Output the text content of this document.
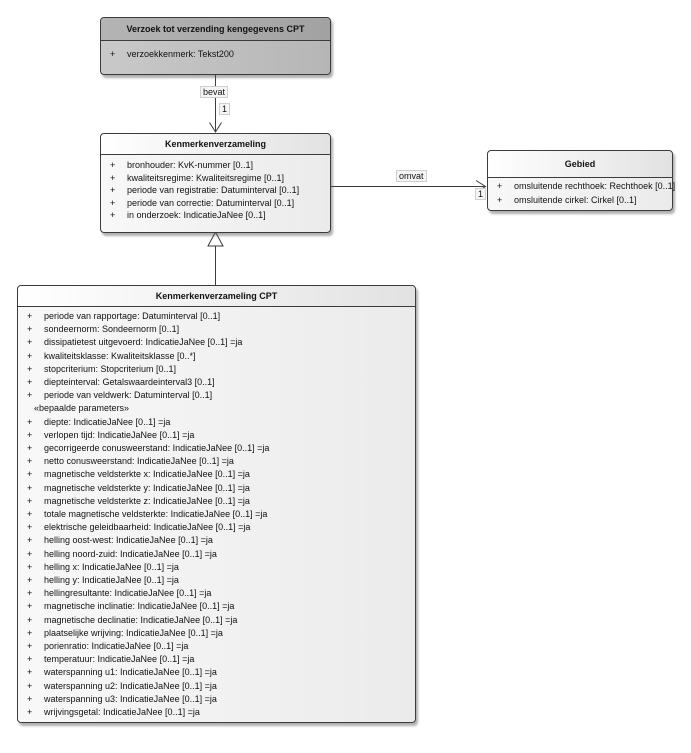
Verzoek tot verzending kengegevens CPT
+	verzoekkenmerk: Tekst200
Kenmerkenverzameling
+	bronhouder: KvK-nummer [0..1]
+	kwaliteitsregime: Kwaliteitsregime [0..1]
+	periode van registratie: Datuminterval [0..1]
+	periode van correctie: Datuminterval [0..1]
+	in onderzoek: IndicatieJaNee [0..1]
Gebied
+	omsluitende rechthoek: Rechthoek [0..1]
+	omsluitende cirkel: Cirkel [0..1]
Kenmerkenverzameling CPT
+	periode van rapportage: Datuminterval [0..1]
+	sondeernorm: Sondeernorm [0..1]
+	dissipatietest uitgevoerd: IndicatieJaNee [0..1] =ja
+	kwaliteitsklasse: Kwaliteitsklasse [0..*]
+	stopcriterium: Stopcriterium [0..1]
+	diepteinterval: Getalswaardeinterval3 [0..1]
+	periode van veldwerk: Datuminterval [0..1]
«bepaalde parameters»
+	diepte: IndicatieJaNee [0..1] =ja
+	verlopen tijd: IndicatieJaNee [0..1] =ja
+	gecorrigeerde conusweerstand: IndicatieJaNee [0..1] =ja
+	netto conusweerstand: IndicatieJaNee [0..1] =ja
+	magnetische veldsterkte x: IndicatieJaNee [0..1] =ja
+	magnetische veldsterkte y: IndicatieJaNee [0..1] =ja
+	magnetische veldsterkte z: IndicatieJaNee [0..1] =ja
+	totale magnetische veldsterkte: IndicatieJaNee [0..1] =ja
+	elektrische geleidbaarheid: IndicatieJaNee [0..1] =ja
+	helling oost-west: IndicatieJaNee [0..1] =ja
+	helling noord-zuid: IndicatieJaNee [0..1] =ja
+	helling x: IndicatieJaNee [0..1] =ja
+	helling y: IndicatieJaNee [0..1] =ja
+	hellingresultante: IndicatieJaNee [0..1] =ja
+	magnetische inclinatie: IndicatieJaNee [0..1] =ja
+	magnetische declinatie: IndicatieJaNee [0..1] =ja
+	plaatselijke wrijving: IndicatieJaNee [0..1] =ja
+	porienratio: IndicatieJaNee [0..1] =ja
+	temperatuur: IndicatieJaNee [0..1] =ja
+	waterspanning u1: IndicatieJaNee [0..1] =ja
+	waterspanning u2: IndicatieJaNee [0..1] =ja
+	waterspanning u3: IndicatieJaNee [0..1] =ja
+	wrijvingsgetal: IndicatieJaNee [0..1] =ja
bevat
1
omvat
1
